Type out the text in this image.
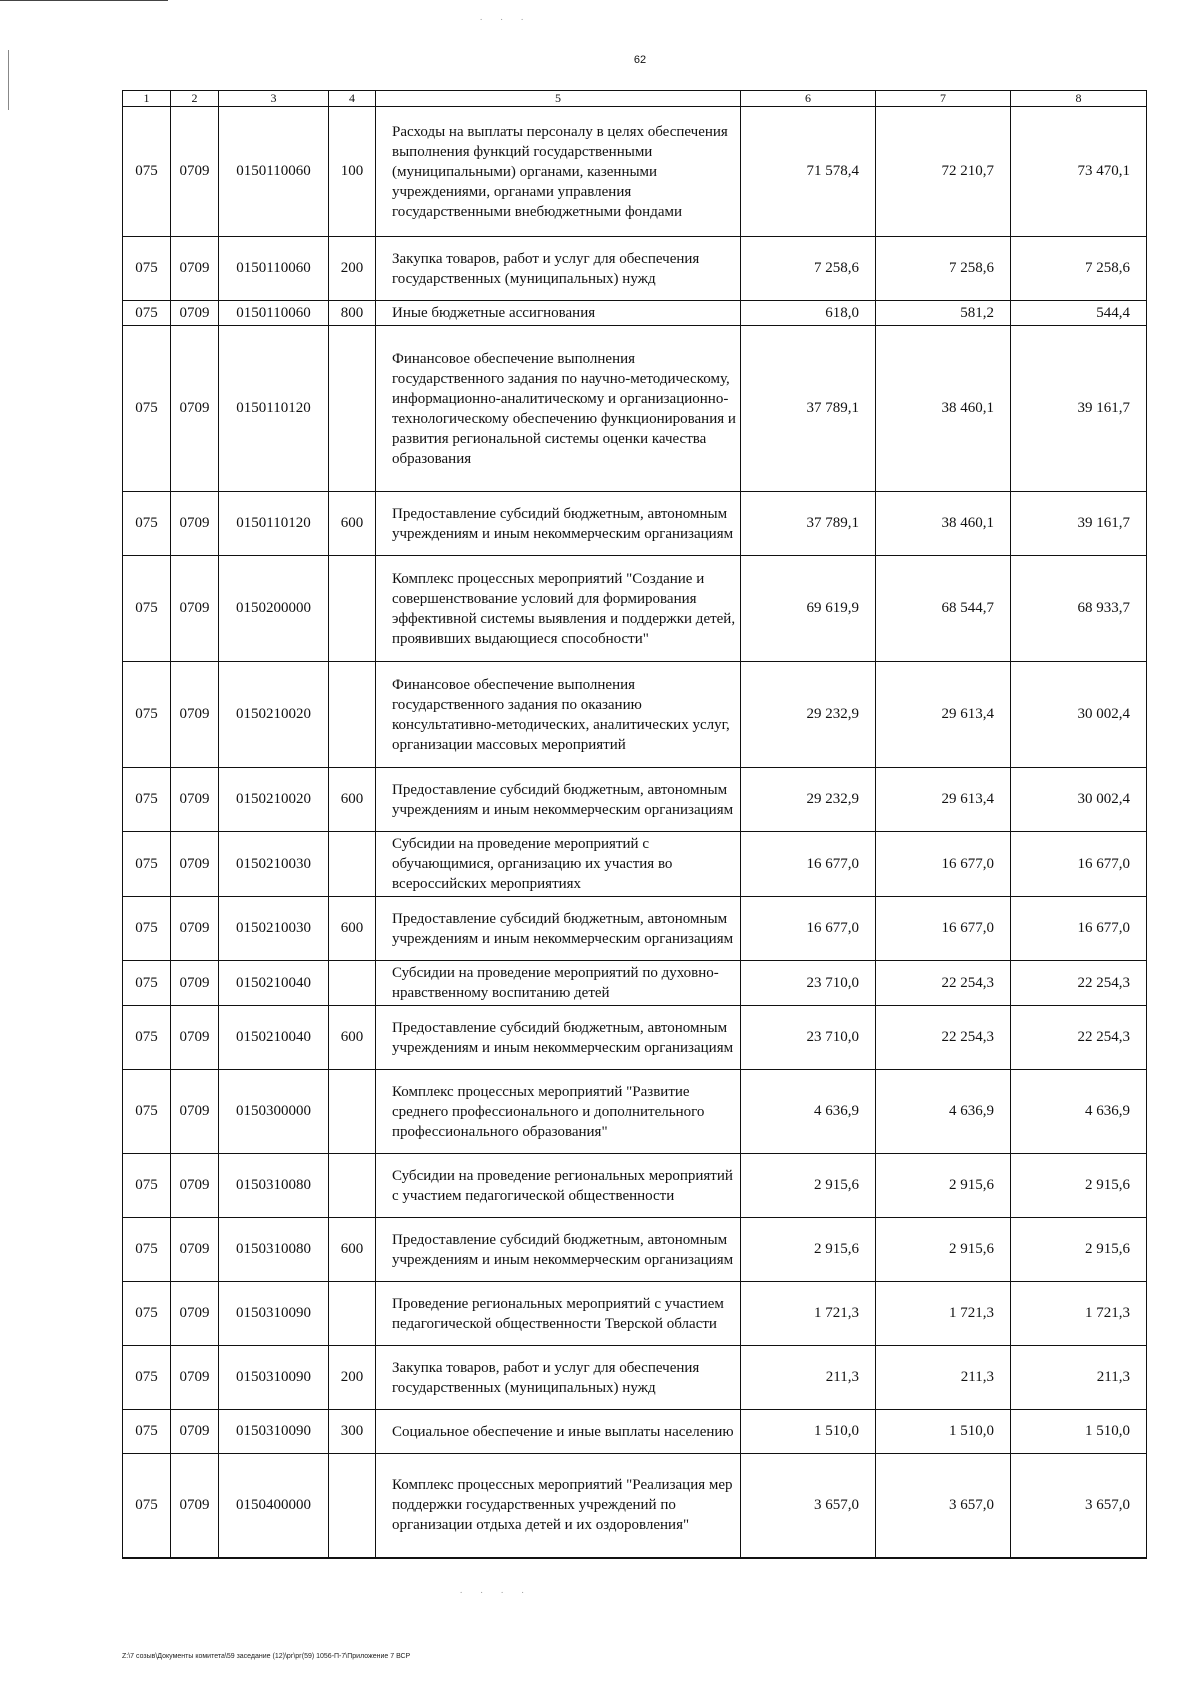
62
1	2	3	4	5	6	7	8
075	0709	0150110060	100	Расходы на выплаты персоналу в целях обеспечения выполнения функций государственными (муниципальными) органами, казенными учреждениями, органами управления государственными внебюджетными фондами	71 578,4	72 210,7	73 470,1
075	0709	0150110060	200	Закупка товаров, работ и услуг для обеспечения государственных (муниципальных) нужд	7 258,6	7 258,6	7 258,6
075	0709	0150110060	800	Иные бюджетные ассигнования	618,0	581,2	544,4
075	0709	0150110120		Финансовое обеспечение выполнения государственного задания по научно-методическому, информационно-аналитическому и организационно-технологическому обеспечению функционирования и развития региональной системы оценки качества образования	37 789,1	38 460,1	39 161,7
075	0709	0150110120	600	Предоставление субсидий бюджетным, автономным учреждениям и иным некоммерческим организациям	37 789,1	38 460,1	39 161,7
075	0709	0150200000		Комплекс процессных мероприятий "Создание и совершенствование условий для формирования эффективной системы выявления и поддержки детей, проявивших выдающиеся способности"	69 619,9	68 544,7	68 933,7
075	0709	0150210020		Финансовое обеспечение выполнения государственного задания по оказанию консультативно-методических, аналитических услуг, организации массовых мероприятий	29 232,9	29 613,4	30 002,4
075	0709	0150210020	600	Предоставление субсидий бюджетным, автономным учреждениям и иным некоммерческим организациям	29 232,9	29 613,4	30 002,4
075	0709	0150210030		Субсидии на проведение мероприятий с обучающимися, организацию их участия во всероссийских мероприятиях	16 677,0	16 677,0	16 677,0
075	0709	0150210030	600	Предоставление субсидий бюджетным, автономным учреждениям и иным некоммерческим организациям	16 677,0	16 677,0	16 677,0
075	0709	0150210040		Субсидии на проведение мероприятий по духовно-нравственному воспитанию детей	23 710,0	22 254,3	22 254,3
075	0709	0150210040	600	Предоставление субсидий бюджетным, автономным учреждениям и иным некоммерческим организациям	23 710,0	22 254,3	22 254,3
075	0709	0150300000		Комплекс процессных мероприятий "Развитие среднего профессионального и дополнительного профессионального образования"	4 636,9	4 636,9	4 636,9
075	0709	0150310080		Субсидии на проведение региональных мероприятий с участием педагогической общественности	2 915,6	2 915,6	2 915,6
075	0709	0150310080	600	Предоставление субсидий бюджетным, автономным учреждениям и иным некоммерческим организациям	2 915,6	2 915,6	2 915,6
075	0709	0150310090		Проведение региональных мероприятий с участием педагогической общественности Тверской области	1 721,3	1 721,3	1 721,3
075	0709	0150310090	200	Закупка товаров, работ и услуг для обеспечения государственных (муниципальных) нужд	211,3	211,3	211,3
075	0709	0150310090	300	Социальное обеспечение и иные выплаты населению	1 510,0	1 510,0	1 510,0
075	0709	0150400000		Комплекс процессных мероприятий "Реализация мер поддержки государственных учреждений по организации отдыха детей и их оздоровления"	3 657,0	3 657,0	3 657,0
. . .
. . . .
Z:\7 созыв\Документы комитета\59 заседание (12)\рг\рг(59) 1056-П-7\Приложение 7 ВСР
